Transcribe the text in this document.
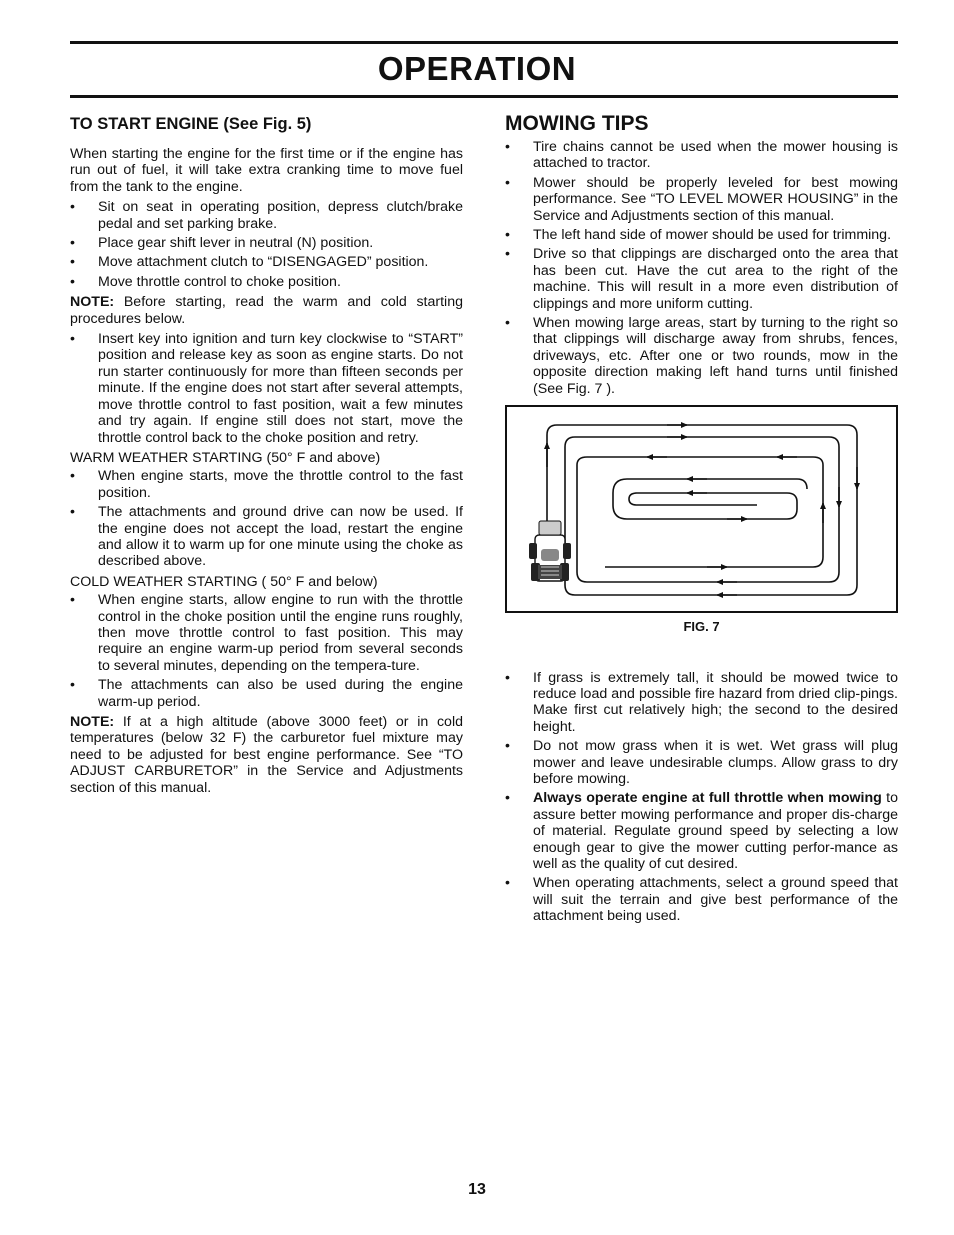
OPERATION
TO START ENGINE (See Fig. 5)

When starting the engine for the first time or if the engine has run out of fuel, it will take extra cranking time to move fuel from the tank to the engine.

• Sit on seat in operating position, depress clutch/brake pedal and set parking brake.
• Place gear shift lever in neutral (N) position.
• Move attachment clutch to “DISENGAGED” position.
• Move throttle control to choke position.

NOTE: Before starting, read the warm and cold starting procedures below.

• Insert key into ignition and turn key clockwise to “START” position and release key as soon as engine starts. Do not run starter continuously for more than fifteen seconds per minute. If the engine does not start after several attempts, move throttle control to fast position, wait a few minutes and try again. If engine still does not start, move the throttle control back to the choke position and retry.

WARM WEATHER STARTING (50° F and above)

• When engine starts, move the throttle control to the fast position.
• The attachments and ground drive can now be used. If the engine does not accept the load, restart the engine and allow it to warm up for one minute using the choke as described above.

COLD WEATHER STARTING ( 50° F and below)

• When engine starts, allow engine to run with the throttle control in the choke position until the engine runs roughly, then move throttle control to fast position. This may require an engine warm-up period from several seconds to several minutes, depending on the tempera-ture.
• The attachments can also be used during the engine warm-up period.

NOTE: If at a high altitude (above 3000 feet) or in cold temperatures (below 32 F) the carburetor fuel mixture may need to be adjusted for best engine performance. See “TO ADJUST CARBURETOR” in the Service and Adjustments section of this manual.

MOWING TIPS
• Tire chains cannot be used when the mower housing is attached to tractor.
• Mower should be properly leveled for best mowing performance. See “TO LEVEL MOWER HOUSING” in the Service and Adjustments section of this manual.
• The left hand side of mower should be used for trimming.
• Drive so that clippings are discharged onto the area that has been cut. Have the cut area to the right of the machine. This will result in a more even distribution of clippings and more uniform cutting.
• When mowing large areas, start by turning to the right so that clippings will discharge away from shrubs, fences, driveways, etc. After one or two rounds, mow in the opposite direction making left hand turns until finished (See Fig. 7 ).
FIG. 7
• If grass is extremely tall, it should be mowed twice to reduce load and possible fire hazard from dried clip-pings. Make first cut relatively high; the second to the desired height.
• Do not mow grass when it is wet. Wet grass will plug mower and leave undesirable clumps. Allow grass to dry before mowing.
• Always operate engine at full throttle when mowing to assure better mowing performance and proper dis-charge of material. Regulate ground speed by selecting a low enough gear to give the mower cutting perfor-mance as well as the quality of cut desired.
• When operating attachments, select a ground speed that will suit the terrain and give best performance of the attachment being used.
13
